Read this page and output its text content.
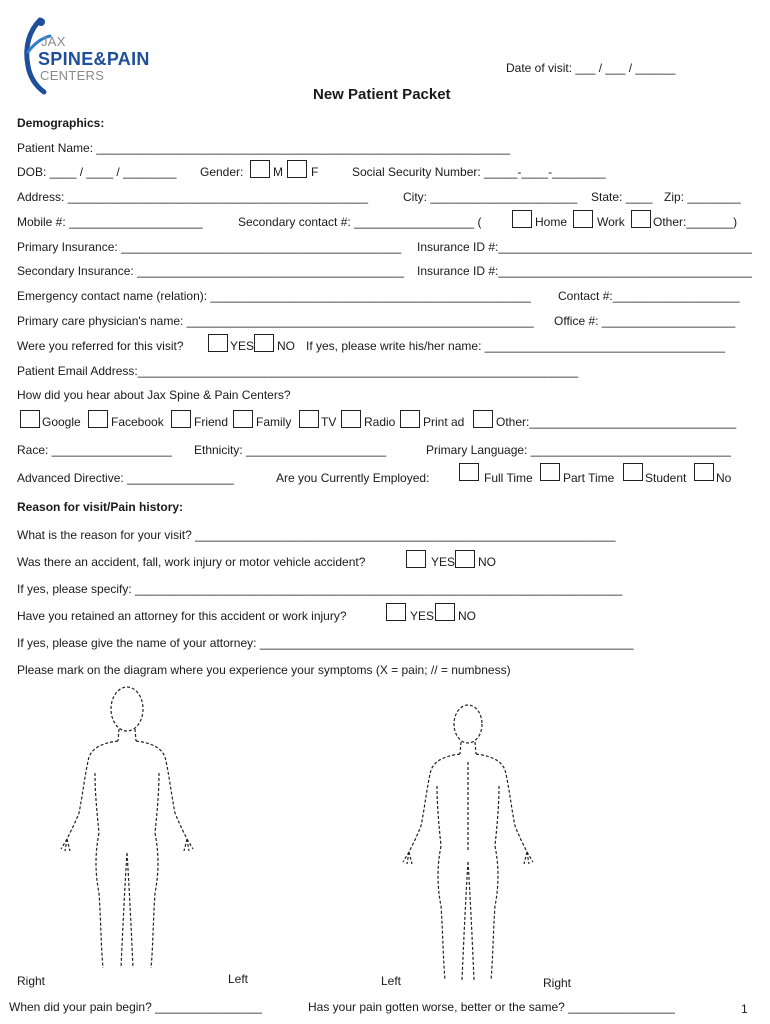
JAX
SPINE&PAIN
CENTERS	Date of visit: ___ / ___ / ______
New Patient Packet
Demographics:
Patient Name: ______________________________________________________________
DOB: ____ / ____ / ________ Gender: M F	Social Security Number: _____-____-________
Address: _____________________________________________	City: ______________________ State: ____ Zip: ________
Mobile #: ____________________	Secondary contact #: __________________ (	Home Work Other:_______)
Primary Insurance: __________________________________________ Insurance ID #:______________________________________
Secondary Insurance: ________________________________________ Insurance ID #:______________________________________
Emergency contact name (relation): ________________________________________________ Contact #:___________________
Primary care physician's name: ____________________________________________________ Office #: ____________________
Were you referred for this visit?	YES NO If yes, please write his/her name: ____________________________________
Patient Email Address:__________________________________________________________________
How did you hear about Jax Spine & Pain Centers?
Google	Facebook	Friend Family TV Radio Print ad	Other:_______________________________
Race: __________________ Ethnicity: _____________________	Primary Language: ______________________________
Advanced Directive: ________________	Are you Currently Employed:	Full Time	Part Time	Student No
Reason for visit/Pain history:
What is the reason for your visit? _______________________________________________________________
Was there an accident, fall, work injury or motor vehicle accident?	YES NO
If yes, please specify: _________________________________________________________________________
Have you retained an attorney for this accident or work injury?	YES NO
If yes, please give the name of your attorney: ________________________________________________________
Please mark on the diagram where you experience your symptoms (X = pain; // = numbness)
Right	Left	Left	Right
When did your pain begin? ________________	Has your pain gotten worse, better or the same? ________________	1
